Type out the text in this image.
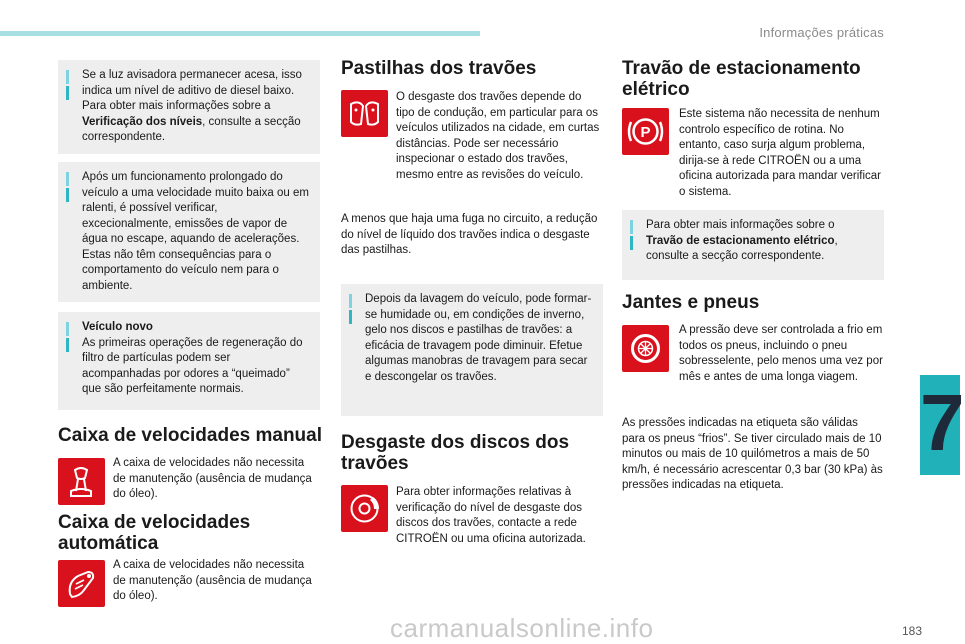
Informações práticas
7
183
carmanualsonline.info

Se a luz avisadora permanecer acesa, isso indica um nível de aditivo de diesel baixo. Para obter mais informações sobre a Verificação dos níveis, consulte a secção correspondente.

Após um funcionamento prolongado do veículo a uma velocidade muito baixa ou em ralenti, é possível verificar, excecionalmente, emissões de vapor de água no escape, aquando de acelerações. Estas não têm consequências para o comportamento do veículo nem para o ambiente.

Veículo novo

As primeiras operações de regeneração do filtro de partículas podem ser acompanhadas por odores a “queimado” que são perfeitamente normais.

Caixa de velocidades manual
A caixa de velocidades não necessita de manutenção (ausência de mudança do óleo).
Caixa de velocidades automática
A caixa de velocidades não necessita de manutenção (ausência de mudança do óleo).
Pastilhas dos travões
O desgaste dos travões depende do tipo de condução, em particular para os veículos utilizados na cidade, em curtas distâncias. Pode ser necessário inspecionar o estado dos travões, mesmo entre as revisões do veículo.

A menos que haja uma fuga no circuito, a redução do nível de líquido dos travões indica o desgaste das pastilhas.

Depois da lavagem do veículo, pode formar-se humidade ou, em condições de inverno, gelo nos discos e pastilhas de travões: a eficácia de travagem pode diminuir. Efetue algumas manobras de travagem para secar e descongelar os travões.

Desgaste dos discos dos travões
Para obter informações relativas à verificação do nível de desgaste dos discos dos travões, contacte a rede CITROËN ou uma oficina autorizada.
Travão de estacionamento elétrico
P
Este sistema não necessita de nenhum controlo específico de rotina. No entanto, caso surja algum problema, dirija-se à rede CITROËN ou a uma oficina autorizada para mandar verificar o sistema.

Para obter mais informações sobre o Travão de estacionamento elétrico, consulte a secção correspondente.

Jantes e pneus
A pressão deve ser controlada a frio em todos os pneus, incluindo o pneu sobresselente, pelo menos uma vez por mês e antes de uma longa viagem.

As pressões indicadas na etiqueta são válidas para os pneus “frios”. Se tiver circulado mais de 10 minutos ou mais de 10 quilómetros a mais de 50 km/h, é necessário acrescentar 0,3 bar (30 kPa) às pressões indicadas na etiqueta.
